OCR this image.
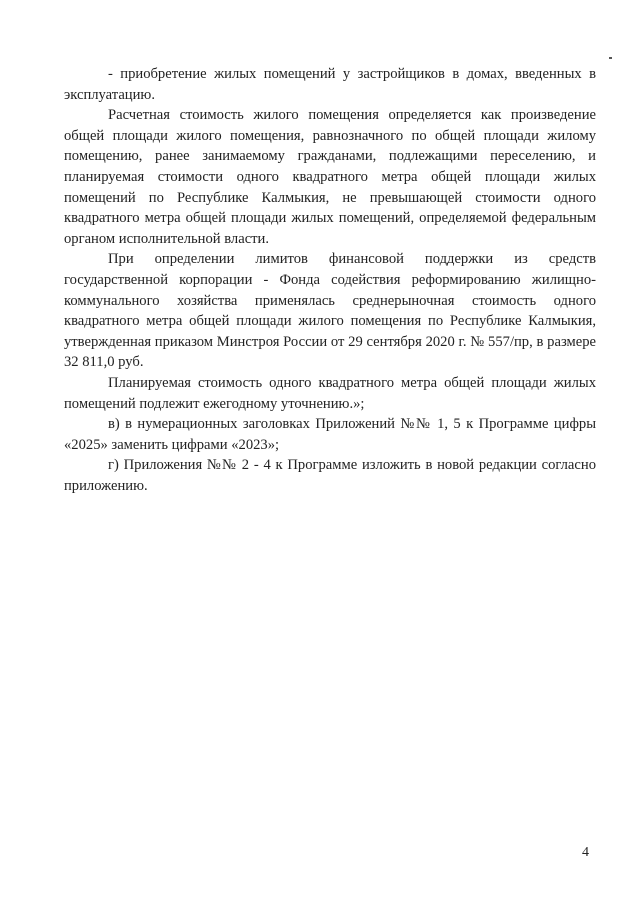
- приобретение жилых помещений у застройщиков в домах, введенных в эксплуатацию.

Расчетная стоимость жилого помещения определяется как произведение общей площади жилого помещения, равнозначного по общей площади жилому помещению, ранее занимаемому гражданами, подлежащими переселению, и планируемая стоимости одного квадратного метра общей площади жилых помещений по Республике Калмыкия, не превышающей стоимости одного квадратного метра общей площади жилых помещений, определяемой федеральным органом исполнительной власти.

При определении лимитов финансовой поддержки из средств государственной корпорации - Фонда содействия реформированию жилищно-коммунального хозяйства применялась среднерыночная стоимость одного квадратного метра общей площади жилого помещения по Республике Калмыкия, утвержденная приказом Минстроя России от 29 сентября 2020 г. № 557/пр, в размере 32 811,0 руб.

Планируемая стоимость одного квадратного метра общей площади жилых помещений подлежит ежегодному уточнению.»;

в) в нумерационных заголовках Приложений №№ 1, 5 к Программе цифры «2025» заменить цифрами «2023»;

г) Приложения №№ 2 - 4 к Программе изложить в новой редакции согласно приложению.

4
